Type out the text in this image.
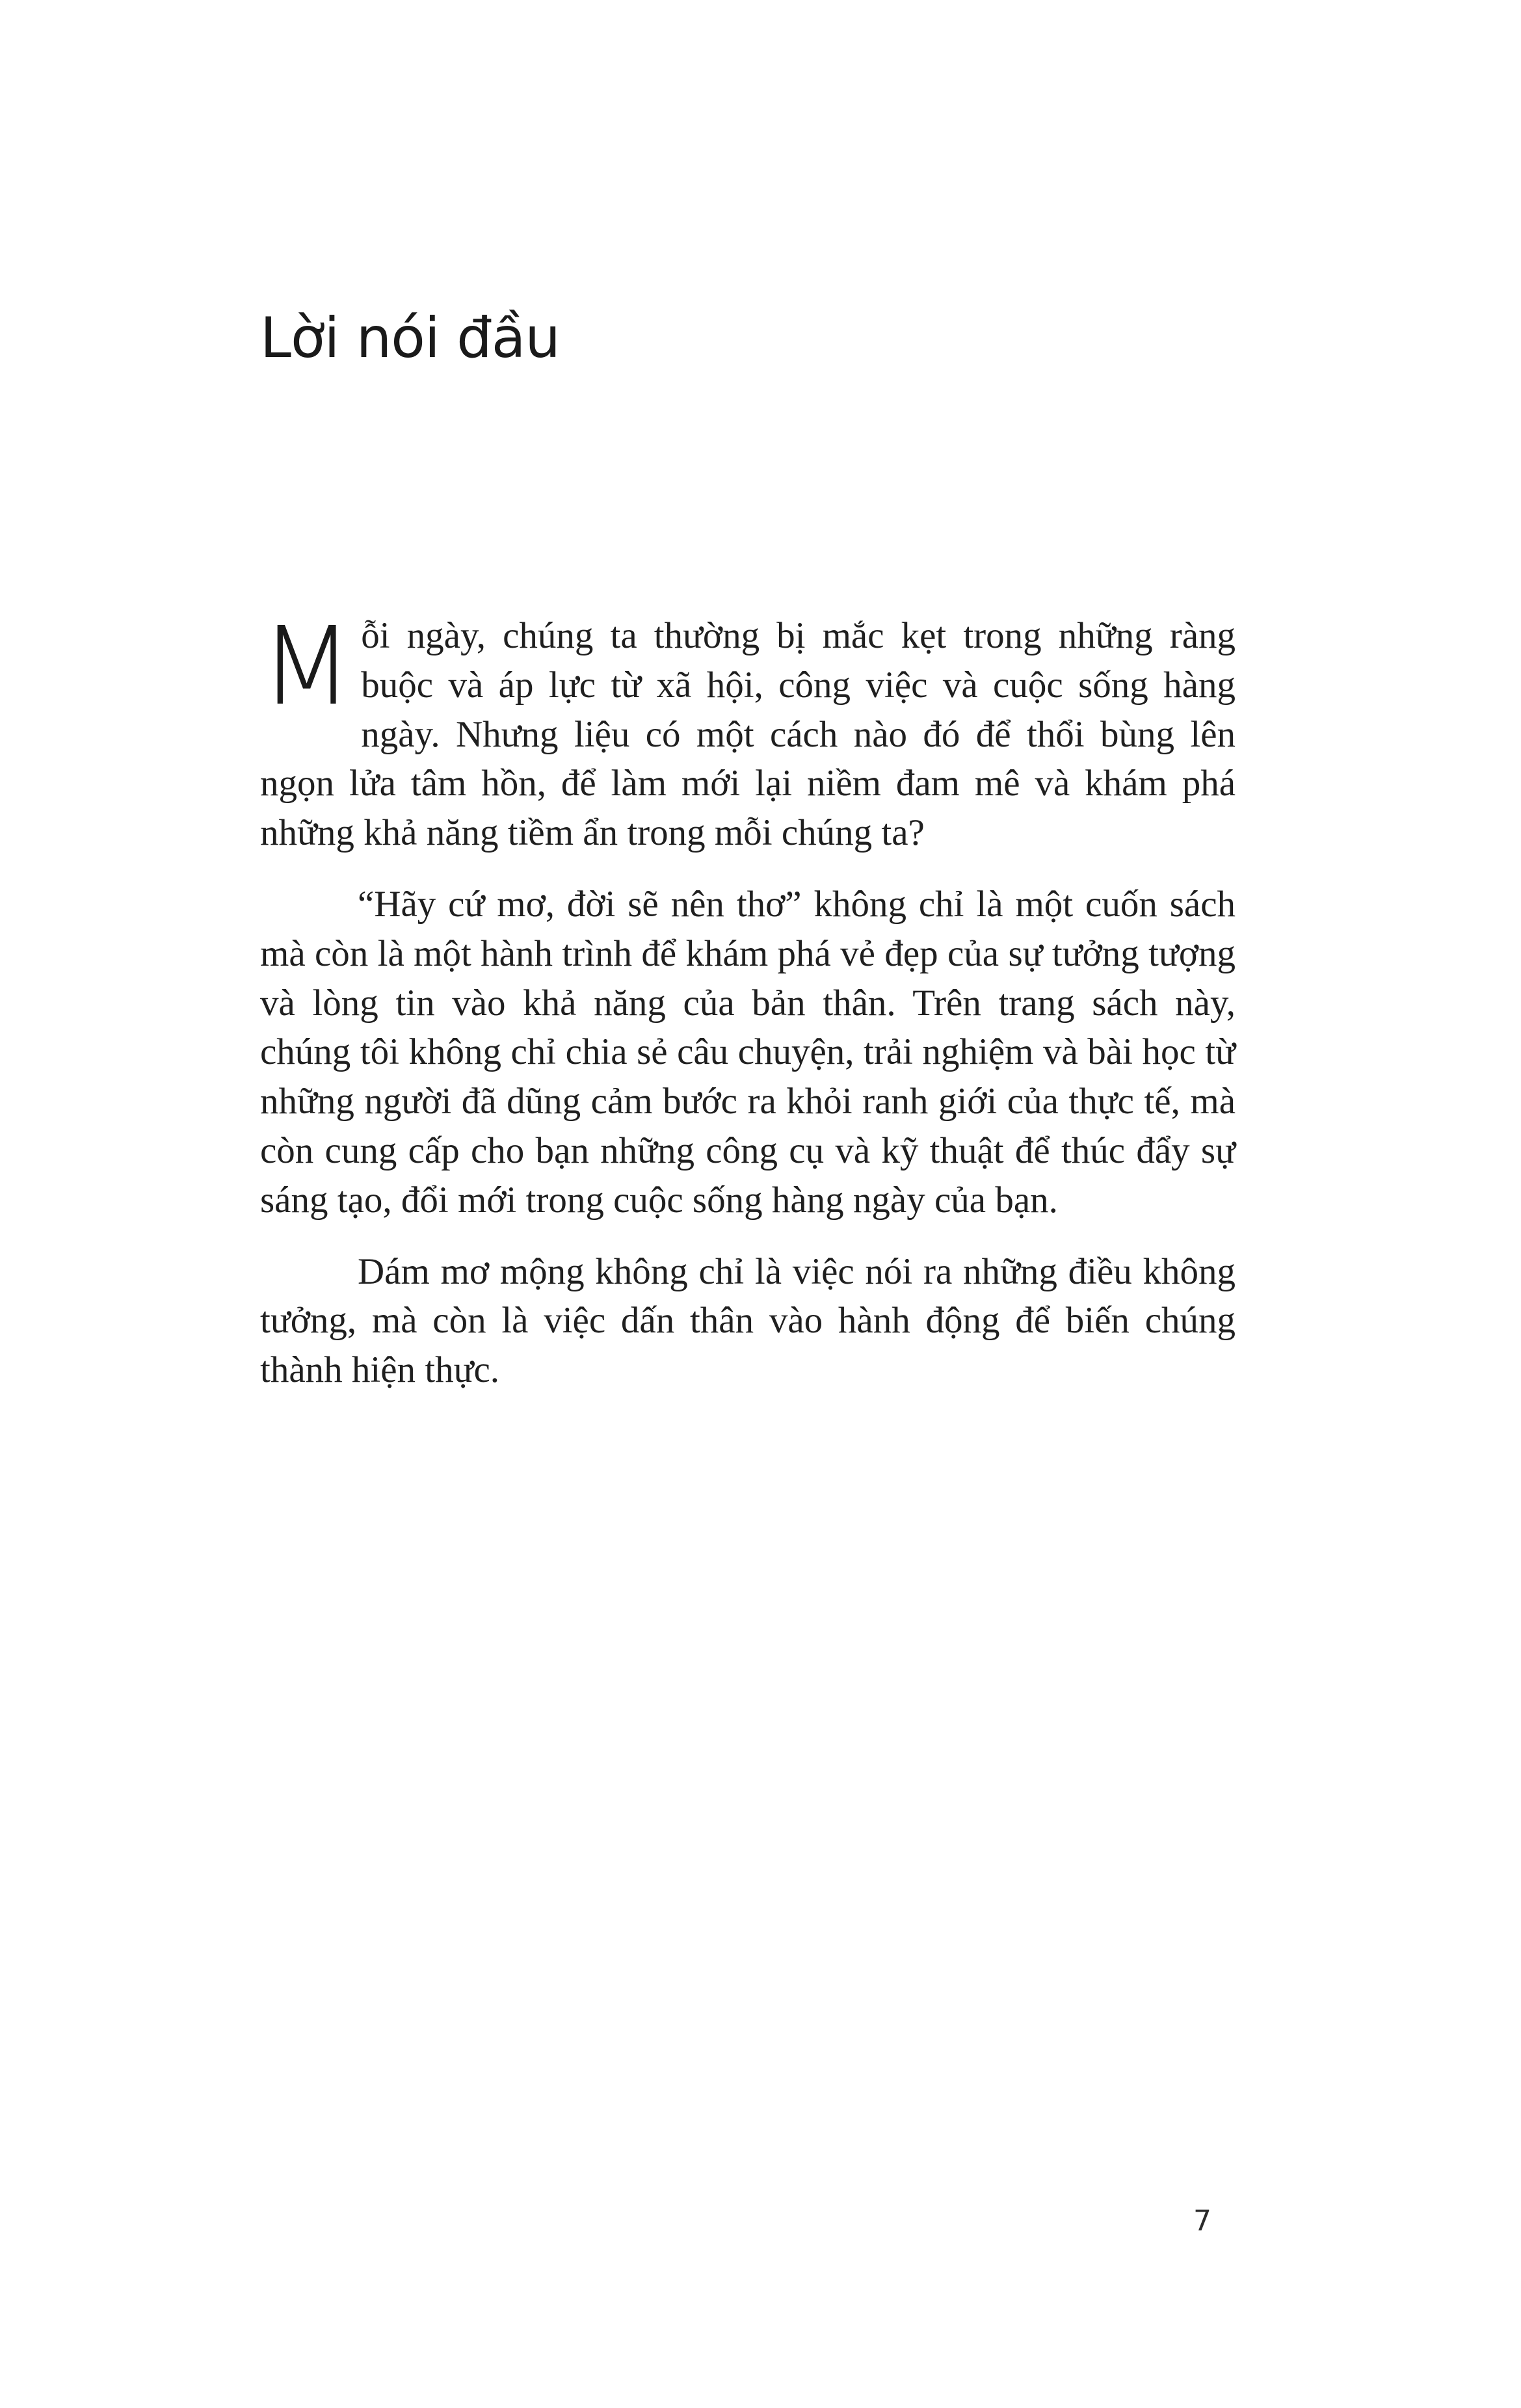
Lời nói đầu

Mỗi ngày, chúng ta thường bị mắc kẹt trong những ràng buộc và áp lực từ xã hội, công việc và cuộc sống hàng ngày. Nhưng liệu có một cách nào đó để thổi bùng lên ngọn lửa tâm hồn, để làm mới lại niềm đam mê và khám phá những khả năng tiềm ẩn trong mỗi chúng ta?

“Hãy cứ mơ, đời sẽ nên thơ” không chỉ là một cuốn sách mà còn là một hành trình để khám phá vẻ đẹp của sự tưởng tượng và lòng tin vào khả năng của bản thân. Trên trang sách này, chúng tôi không chỉ chia sẻ câu chuyện, trải nghiệm và bài học từ những người đã dũng cảm bước ra khỏi ranh giới của thực tế, mà còn cung cấp cho bạn những công cụ và kỹ thuật để thúc đẩy sự sáng tạo, đổi mới trong cuộc sống hàng ngày của bạn.

Dám mơ mộng không chỉ là việc nói ra những điều không tưởng, mà còn là việc dấn thân vào hành động để biến chúng thành hiện thực.

7
